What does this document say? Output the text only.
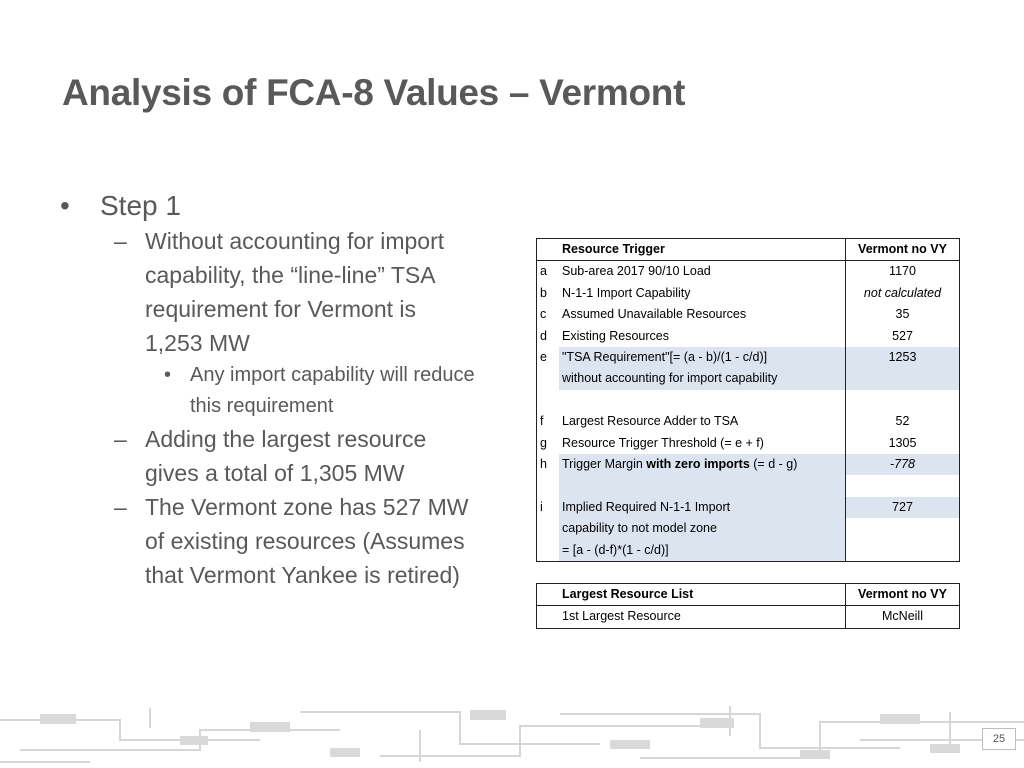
Analysis of FCA-8 Values – Vermont
• Step 1
– Without accounting for import capability, the “line-line” TSA requirement for Vermont is 1,253 MW
• Any import capability will reduce this requirement
– Adding the largest resource gives a total of 1,305 MW
– The Vermont zone has 527 MW of existing resources (Assumes that Vermont Yankee is retired)
	Resource Trigger	Vermont no VY
a	Sub-area 2017 90/10 Load	1170
b	N-1-1 Import Capability	not calculated
c	Assumed Unavailable Resources	35
d	Existing Resources	527
e	"TSA Requirement"[= (a - b)/(1 - c/d)]	1253
	without accounting for import capability	

f	Largest Resource Adder to TSA	52
g	Resource Trigger Threshold (= e + f)	1305
h	Trigger Margin with zero imports (= d - g)	-778

i	Implied Required N-1-1 Import	727
	capability to not model zone	
	= [a - (d-f)*(1 - c/d)]	
	Largest Resource List	Vermont no VY
	1st Largest Resource	McNeill
25
